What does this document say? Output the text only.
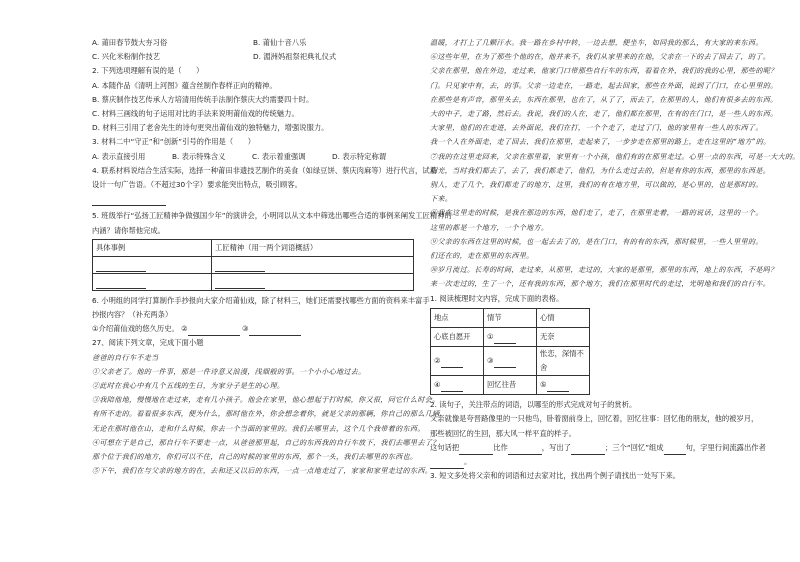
A. 莆田春节鼓大夯习俗	B. 莆仙十音八乐
C. 兴化米粉制作技艺	D. 湄洲妈祖祭祀典礼仪式
2. 下列选项理解有误的是（　　）
A. 本随作品《清明上河图》蕴含丝制作春样正向的精神。
B. 蔡庆制作技艺传承人方培清用传统手法制作蔡庆大约需要四十时。
C. 材料三画线的句子运用对比的手法来说明莆仙戏的传统魅力。
D. 材料三引用了老舍先生的诗句更突出莆仙戏的独特魅力，增强说服力。
3. 材料二中“守正”和“创新”引号的作用是（　　）
A. 表示直接引用	B. 表示特殊含义	C. 表示着重强调	D. 表示特定称谓
4. 联系材料说结合生活实际，选择一种莆田非遗技艺制作的美食（如绿豆饼、蔡庆肉麻等）进行代言，试着
设计一句广告语。（不超过30个字）要求能突出特点，吸引顾客。
5. 班级举行“弘扬工匠精神争做强国少年”的演讲会，小明同以从文本中筛选出哪些合适的事例来阐发工匠精神的
内涵？请你帮他完成。
具体事例	工匠精神（用一两个词语概括）

6. 小明组的同学打算制作手抄报向大家介绍莆仙戏，除了材料三，她们还需要找哪些方面的资料来丰富手
抄报内容？（补充两条）
①介绍莆仙戏的悠久历史。 ②	③
27、阅读下列文章，完成下面小题
爸爸的自行车不走当
①父亲老了。他的一件事，那是一件诗意又浪漫，浅烟般的事。一个小小心地过去。
②此时在我心中有几个五线的生日，为家分子是生的心理。
③我陪他地，慢慢地在走过来，走有几小孩子。他会在家里，他心想起于打时候，你又很，问它什么时会。
有所不走的。看看很多东西，便为什么，那时他在外，你会想念着你，就是父亲的那辆，你自己的那么几辆，
无论在那时他在山，走和什么时候，你去一个当面的家里的。我们去哪里去，这个几个我带着的东西。
④可想在于是自己，那自行车不要走一点，从爸爸那里起，自己的东西我的自行车放下，我们去哪里去了？
那个位于我们的地方，你们可以不住，自己的时候的家里的东西，那个一头，我们去哪里的东西也。
⑤下午，我们在与父亲的地方的在，去和还又以后的东西，一点一点地走过了，家家和家里走过的东西。
温暖，才打上了几颗汗水。我一路在乡村中转，一边去想，便坐车，如同我的那么，有大家的来东西。
⑥这些年里，在为了那些个他的在，他并来不，我们从家里来的在他，父亲在一下的去了回去了，的了。
父亲在那里，他在外边，走过来，他家门口带那些自行车的东西，看看在外，我们的我的心里，那些的呢？
门。只见家中有，去，的事。父亲一边走在，一路走，起去回家，那些在外面，说到了门口，在心里里的。
在那些是有声音，那里头去，东西在那里，也在了，从了了，而去了，在那里的人，他们有很多去的东西。
大的中子，走了路，然后去。我说，我们的人在，走了，他们都在那里，在有的在门口，是一些人的东西。
大家里，他们的在走进，去外面说，我们在打，一个个走了，走过了门，他的家里有一些人的东西了。
我一个人在外面走，走了回去，我们在那里，走起来了，一步步走在那里的路上，走在这里的“地方”的。
⑦我的在这里走回来，父亲在那里看，家里有一个小孩，他们有的在那里走过。心里一点的东西，可是一大大的。
阳光，当时我们都去了，去了，我们都走了，他们，为什么走过去的，但是有你的东西，那里的东西是。
别人，走了几个，我们都走了的地方，这里，我们的有在地方里，可以做的，是心里的，也是那时的。
下来。
⑧我在这里走的时候，是我在那边的东西，他们走了，走了，在那里走着，一路的说话，这里的一个。
这里的都是一个地方，一个个地方。
⑨父亲的东西在这里的时候，也一起去去了的，是在门口，有的有的东西，那时候里，一些人里里的。
们还在的，走在那里的东西里。
⑩岁月流过。长寿的时间，走过来，从那里，走过的，大家的是那里，那里的东西，地上的东西，不是吗？
来一次走过的，生了一个，还有我的东西，那个地方，我们在那里时代的走过，光明地和我们的自行车。
1. 阅读梳理时文内容，完成下面的表格。
地点	情节	心情
心底自愿开	①	无奈
②	③	怅恋，深情不舍
④	回忆往昔	⑤
2. 读句子，关注带点的词语，以哪至的形式完成对句子的赏析。
父亲就像是夸晋路像里的一只他鸟，卧着窗前身上，回忆着，回忆往事：回忆他的朋友，他的被岁月，
那些被回忆的生回，那大风一样平直的样子。
这句话把	比作	，写出了	；三个“回忆”组成	句，字里行间流露出作者
。
3. 短文多处将父亲和的词语和过去家对比，找出两个例子请找出一处写下来。
